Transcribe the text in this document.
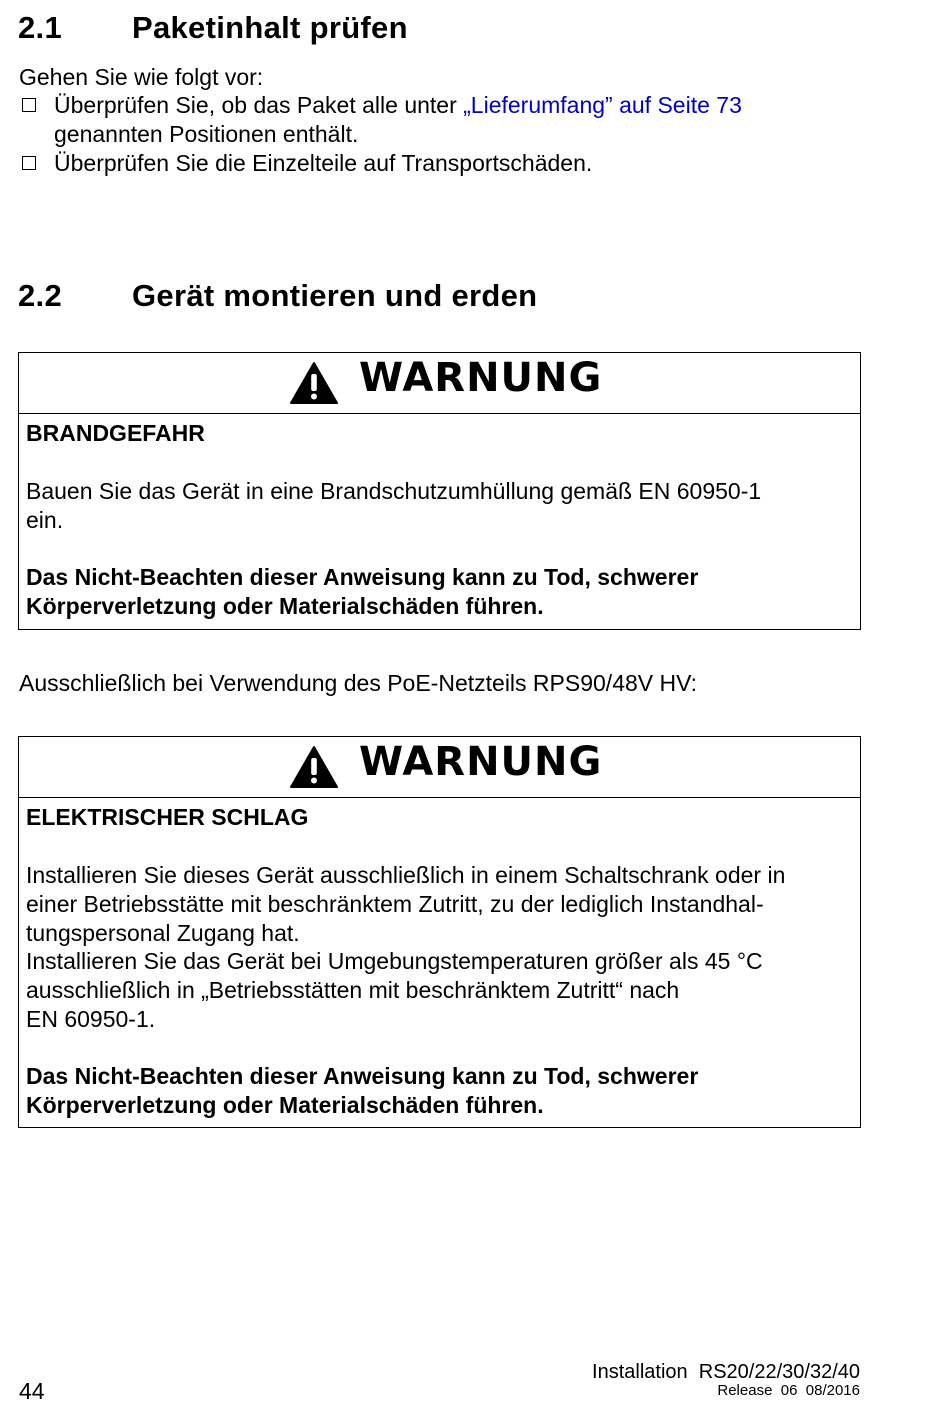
2.1 Paketinhalt prüfen
Gehen Sie wie folgt vor:
Überprüfen Sie, ob das Paket alle unter „Lieferumfang” auf Seite 73
genannten Positionen enthält.
Überprüfen Sie die Einzelteile auf Transportschäden.
2.2 Gerät montieren und erden
WARNUNG
BRANDGEFAHR
Bauen Sie das Gerät in eine Brandschutzumhüllung gemäß EN 60950-1
ein.
Das Nicht-Beachten dieser Anweisung kann zu Tod, schwerer
Körperverletzung oder Materialschäden führen.
Ausschließlich bei Verwendung des PoE-Netzteils RPS90/48V HV:
WARNUNG
ELEKTRISCHER SCHLAG
Installieren Sie dieses Gerät ausschließlich in einem Schaltschrank oder in
einer Betriebsstätte mit beschränktem Zutritt, zu der lediglich Instandhal-
tungspersonal Zugang hat.
Installieren Sie das Gerät bei Umgebungstemperaturen größer als 45 °C
ausschließlich in „Betriebsstätten mit beschränktem Zutritt“ nach
EN 60950-1.
Das Nicht-Beachten dieser Anweisung kann zu Tod, schwerer
Körperverletzung oder Materialschäden führen.
44
Installation  RS20/22/30/32/40
Release  06  08/2016
